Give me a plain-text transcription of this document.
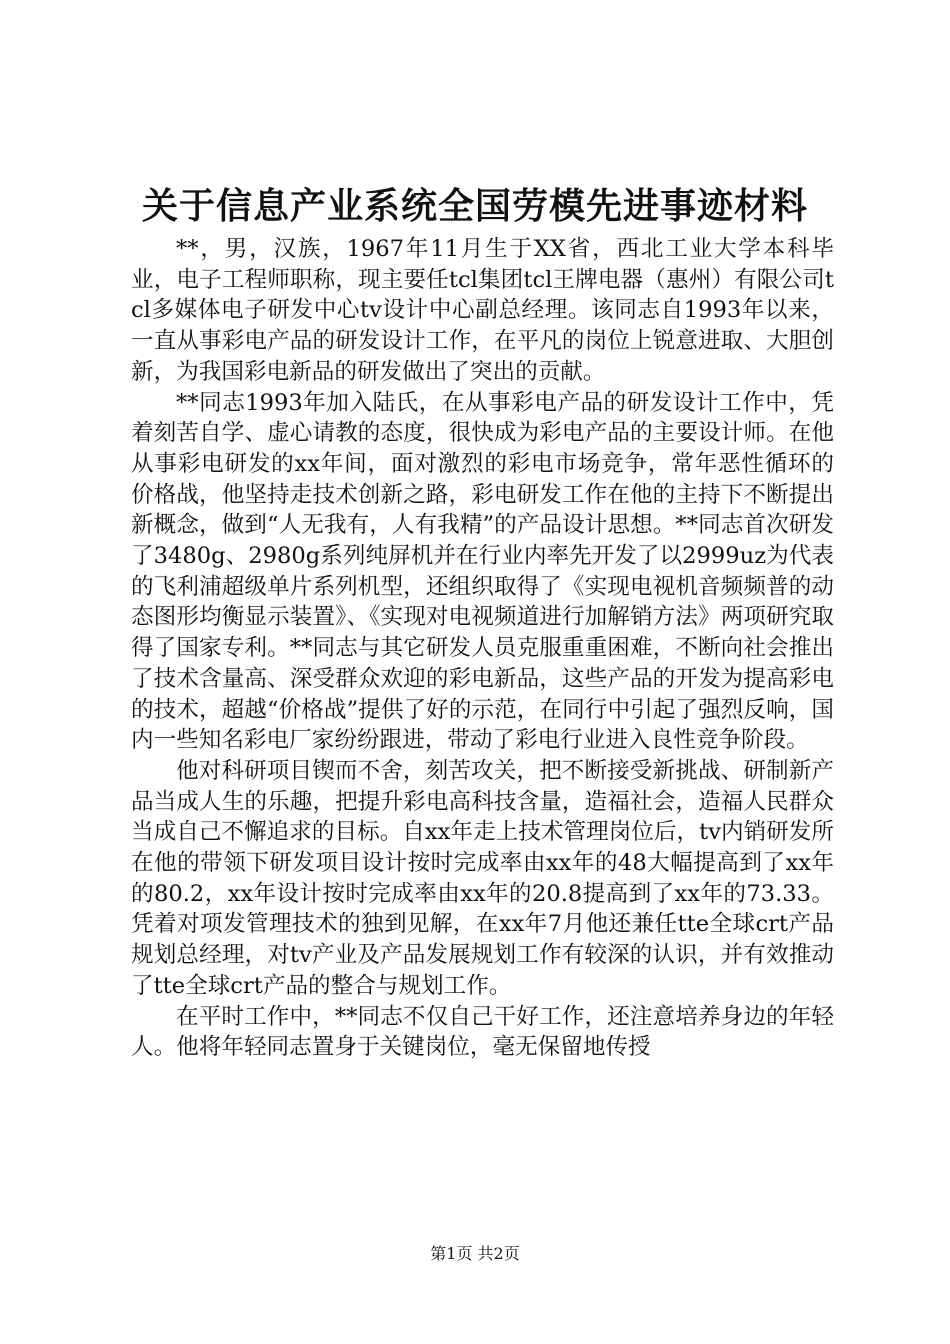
关于信息产业系统全国劳模先进事迹材料

**，男，汉族，1967年11月生于XX省，西北工业大学本科毕业，电子工程师职称，现主要任tcl集团tcl王牌电器（惠州）有限公司tcl多媒体电子研发中心tv设计中心副总经理。该同志自1993年以来，一直从事彩电产品的研发设计工作，在平凡的岗位上锐意进取、大胆创新，为我国彩电新品的研发做出了突出的贡献。

**同志1993年加入陆氏，在从事彩电产品的研发设计工作中，凭着刻苦自学、虚心请教的态度，很快成为彩电产品的主要设计师。在他从事彩电研发的xx年间，面对激烈的彩电市场竞争，常年恶性循环的价格战，他坚持走技术创新之路，彩电研发工作在他的主持下不断提出新概念，做到“人无我有，人有我精”的产品设计思想。**同志首次研发了3480g、2980g系列纯屏机并在行业内率先开发了以2999uz为代表的飞利浦超级单片系列机型，还组织取得了《实现电视机音频频普的动态图形均衡显示装置》、《实现对电视频道进行加解销方法》两项研究取得了国家专利。**同志与其它研发人员克服重重困难，不断向社会推出了技术含量高、深受群众欢迎的彩电新品，这些产品的开发为提高彩电的技术，超越“价格战”提供了好的示范，在同行中引起了强烈反响，国内一些知名彩电厂家纷纷跟进，带动了彩电行业进入良性竞争阶段。

他对科研项目锲而不舍，刻苦攻关，把不断接受新挑战、研制新产品当成人生的乐趣，把提升彩电高科技含量，造福社会，造福人民群众当成自己不懈追求的目标。自xx年走上技术管理岗位后，tv内销研发所在他的带领下研发项目设计按时完成率由xx年的48大幅提高到了xx年的80.2，xx年设计按时完成率由xx年的20.8提高到了xx年的73.33。凭着对项发管理技术的独到见解，在xx年7月他还兼任tte全球crt产品规划总经理，对tv产业及产品发展规划工作有较深的认识，并有效推动了tte全球crt产品的整合与规划工作。

在平时工作中，**同志不仅自己干好工作，还注意培养身边的年轻人。他将年轻同志置身于关键岗位，毫无保留地传授

第1页 共2页
